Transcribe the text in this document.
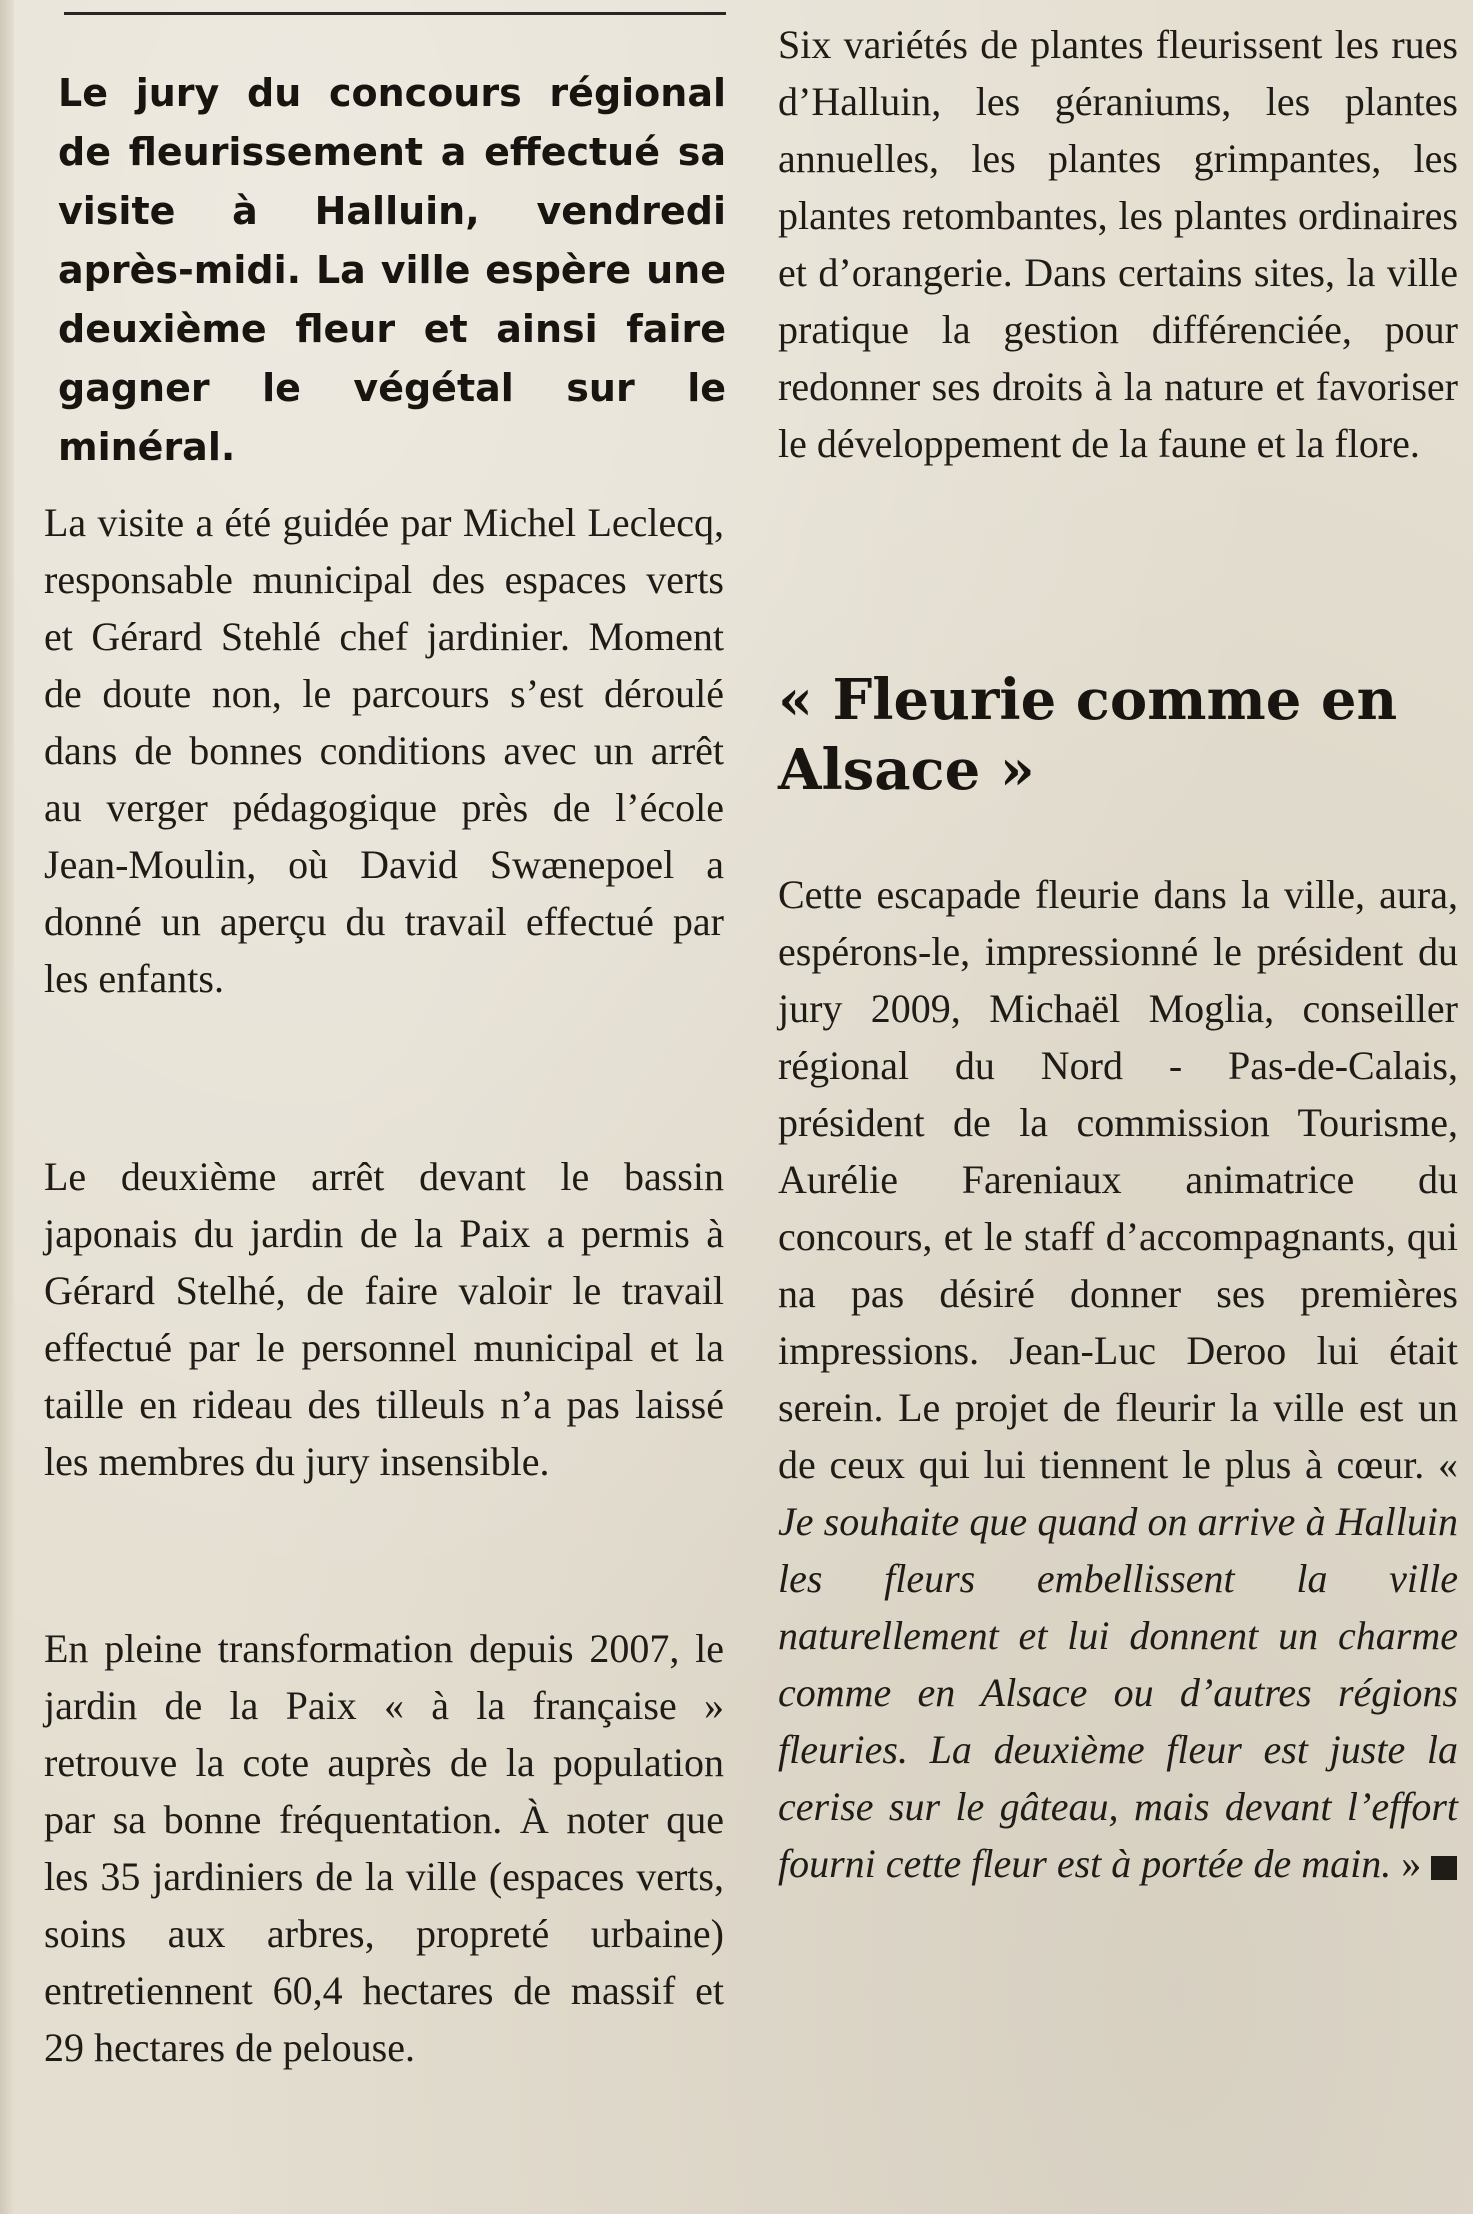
Le jury du concours régional de fleurissement a effectué sa visite à Halluin, vendredi après-midi. La ville espère une deuxième fleur et ainsi faire gagner le végétal sur le minéral.

La visite a été guidée par Michel Leclecq, responsable municipal des espaces verts et Gérard Stehlé chef jardinier. Moment de doute non, le parcours s’est déroulé dans de bonnes conditions avec un arrêt au verger pédagogique près de l’école Jean-Moulin, où David Swænepoel a donné un aperçu du travail effectué par les enfants.

Le deuxième arrêt devant le bassin japonais du jardin de la Paix a permis à Gérard Stelhé, de faire valoir le travail effectué par le personnel municipal et la taille en rideau des tilleuls n’a pas laissé les membres du jury insensible.

En pleine transformation depuis 2007, le jardin de la Paix « à la française » retrouve la cote auprès de la population par sa bonne fréquentation. À noter que les 35 jardiniers de la ville (espaces verts, soins aux arbres, propreté urbaine) entretiennent 60,4 hectares de massif et 29 hectares de pelouse.

Six variétés de plantes fleurissent les rues d’Halluin, les géraniums, les plantes annuelles, les plantes grimpantes, les plantes retombantes, les plantes ordinaires et d’orangerie. Dans certains sites, la ville pratique la gestion différenciée, pour redonner ses droits à la nature et favoriser le développement de la faune et la flore.

« Fleurie comme en Alsace »

Cette escapade fleurie dans la ville, aura, espérons-le, impressionné le président du jury 2009, Michaël Moglia, conseiller régional du Nord - Pas-de-Calais, président de la commission Tourisme, Aurélie Fareniaux animatrice du concours, et le staff d’accompagnants, qui na pas désiré donner ses premières impressions. Jean-Luc Deroo lui était serein. Le projet de fleurir la ville est un de ceux qui lui tiennent le plus à cœur. « Je souhaite que quand on arrive à Halluin les fleurs embellissent la ville naturellement et lui donnent un charme comme en Alsace ou d’autres régions fleuries. La deuxième fleur est juste la cerise sur le gâteau, mais devant l’effort fourni cette fleur est à portée de main. »
